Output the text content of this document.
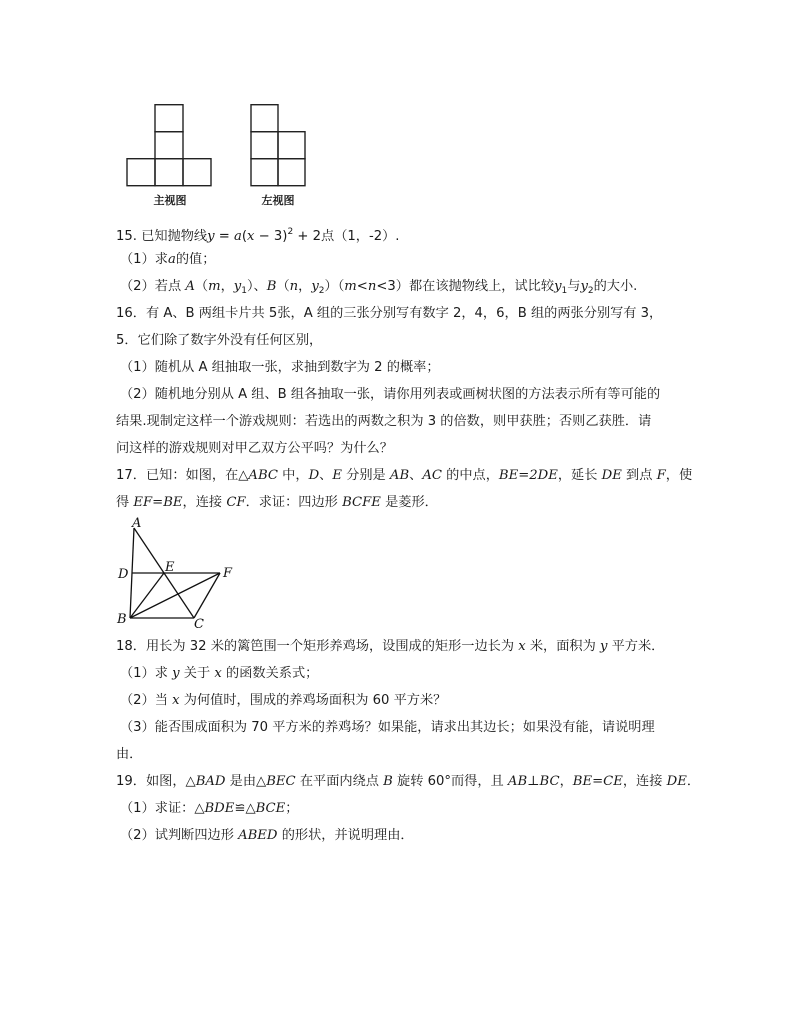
主视图	左视图
15. 已知抛物线$y = a(x - 3)^2 + 2$点（1，-2）.
（1）求a的值；
（2）若点 A（m，$y_1$）、B（n，$y_2)(m<n<3)$都在该抛物线上，试比较$y_1$与$y_2$的大小.
16．有 A、B 两组卡片共 5张，A 组的三张分别写有数字 2，4，6，B 组的两张分别写有 3，
5．它们除了数字外没有任何区别，
（1）随机从 A 组抽取一张，求抽到数字为 2 的概率；
（2）随机地分别从 A 组、B 组各抽取一张，请你用列表或画树状图的方法表示所有等可能的
结果.现制定这样一个游戏规则：若选出的两数之积为 3 的倍数，则甲获胜；否则乙获胜．请
问这样的游戏规则对甲乙双方公平吗？为什么？
17．已知：如图，在△ABC 中，D、E 分别是 AB、AC 的中点，BE=2DE，延长 DE 到点 F，使
得 EF=BE，连接 CF．求证：四边形 BCFE 是菱形．
A
D	E	F
B	C
18．用长为 32 米的篱笆围一个矩形养鸡场，设围成的矩形一边长为 x 米，面积为 y 平方米．
（1）求 y 关于 x 的函数关系式；
（2）当 x 为何值时，围成的养鸡场面积为 60 平方米？
（3）能否围成面积为 70 平方米的养鸡场？如果能，请求出其边长；如果没有能，请说明理
由．
19．如图，△BAD 是由△BEC 在平面内绕点 B 旋转 60°而得，且 AB⊥BC，BE=CE，连接 DE．
（1）求证：△BDE≌△BCE；
（2）试判断四边形 ABED 的形状，并说明理由．
